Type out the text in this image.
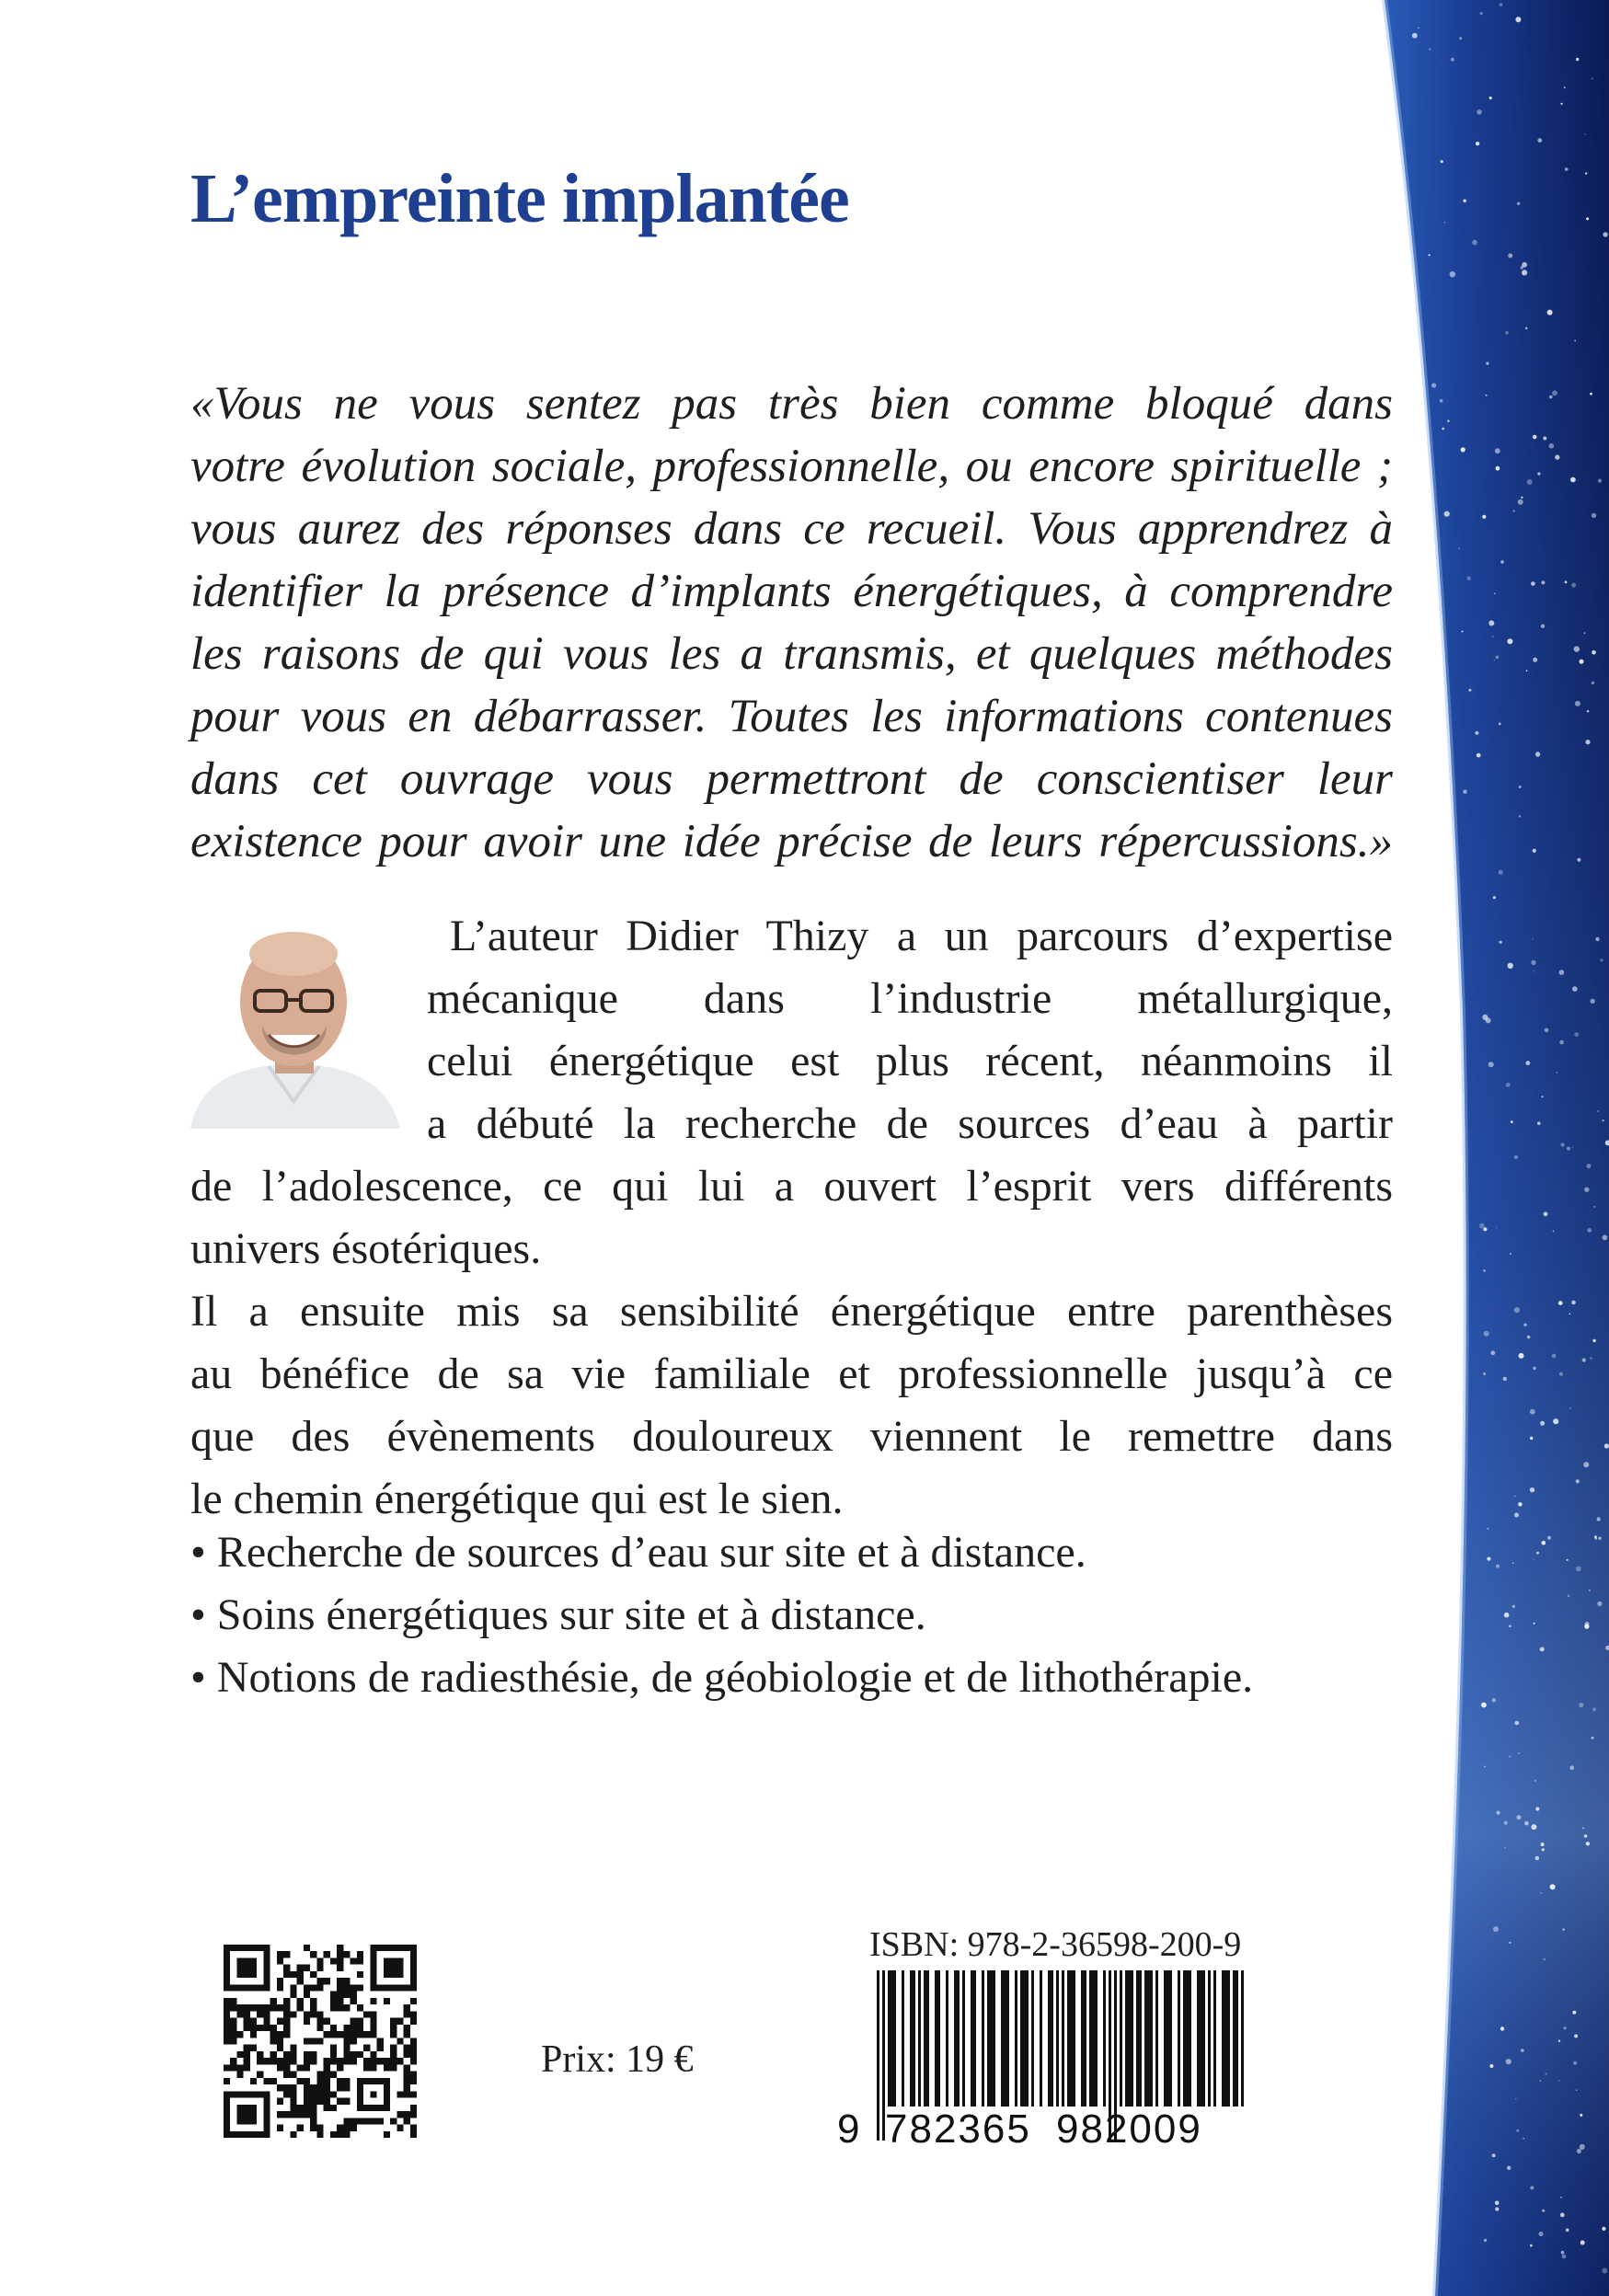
L’empreinte implantée

«Vous ne vous sentez pas très bien comme bloqué dans

votre évolution sociale, professionnelle, ou encore spirituelle ;

vous aurez des réponses dans ce recueil. Vous apprendrez à

identifier la présence d’implants énergétiques, à comprendre

les raisons de qui vous les a transmis, et quelques méthodes

pour vous en débarrasser. Toutes les informations contenues

dans cet ouvrage vous permettront de conscientiser leur

existence pour avoir une idée précise de leurs répercussions.»

L’auteur Didier Thizy a un parcours d’expertise

mécanique dans l’industrie métallurgique,

celui énergétique est plus récent, néanmoins il

a débuté la recherche de sources d’eau à partir

de l’adolescence, ce qui lui a ouvert l’esprit vers différents

univers ésotériques.

Il a ensuite mis sa sensibilité énergétique entre parenthèses

au bénéfice de sa vie familiale et professionnelle jusqu’à ce

que des évènements douloureux viennent le remettre dans

le chemin énergétique qui est le sien.

• Recherche de sources d’eau sur site et à distance.

• Soins énergétiques sur site et à distance.

• Notions de radiesthésie, de géobiologie et de lithothérapie.

Prix: 19 €
ISBN: 978-2-36598-200-9
9 782365 982009
